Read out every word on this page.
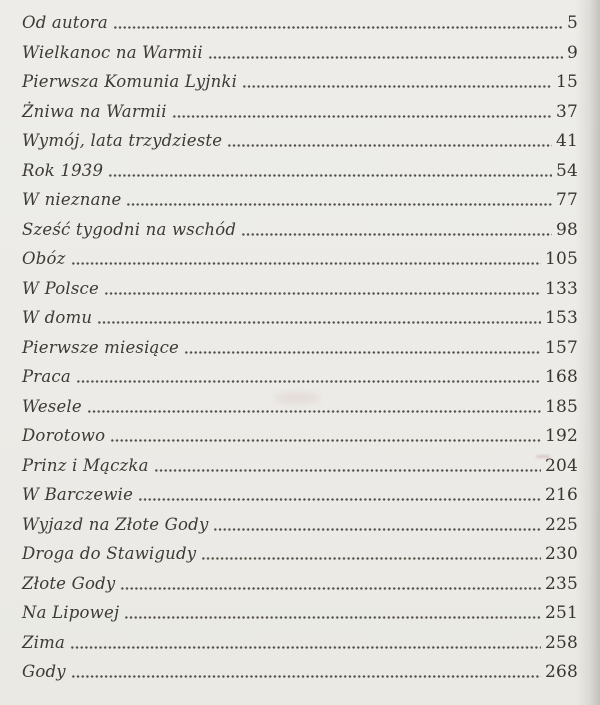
Od autora	5
Wielkanoc na Warmii	9
Pierwsza Komunia Lyjnki	15
Żniwa na Warmii	37
Wymój, lata trzydzieste	41
Rok 1939	54
W nieznane	77
Sześć tygodni na wschód	98
Obóz	105
W Polsce	133
W domu	153
Pierwsze miesiące	157
Praca	168
Wesele	185
Dorotowo	192
Prinz i Mączka	204
W Barczewie	216
Wyjazd na Złote Gody	225
Droga do Stawigudy	230
Złote Gody	235
Na Lipowej	251
Zima	258
Gody	268
